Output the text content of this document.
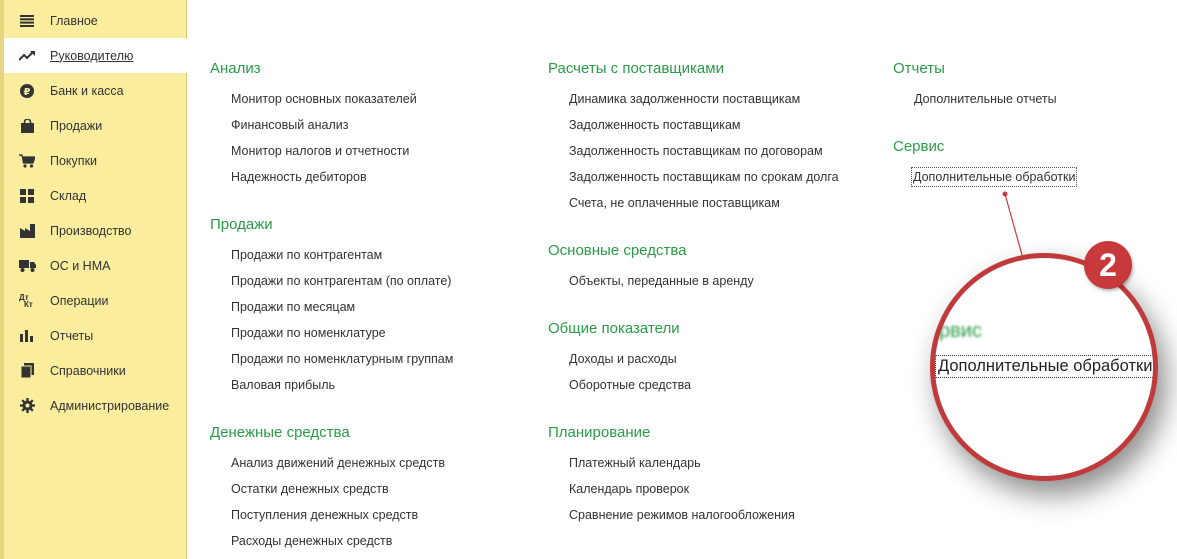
Главное
Руководителю
₽ Банк и касса
Продажи
Покупки
Склад
Производство
ОС и НМА
Дт
Кт Операции
Отчеты
Справочники
Администрирование
Анализ
Монитор основных показателей
Финансовый анализ
Монитор налогов и отчетности
Надежность дебиторов
Продажи
Продажи по контрагентам
Продажи по контрагентам (по оплате)
Продажи по месяцам
Продажи по номенклатуре
Продажи по номенклатурным группам
Валовая прибыль
Денежные средства
Анализ движений денежных средств
Остатки денежных средств
Поступления денежных средств
Расходы денежных средств
Расчеты с поставщиками
Динамика задолженности поставщикам
Задолженность поставщикам
Задолженность поставщикам по договорам
Задолженность поставщикам по срокам долга
Счета, не оплаченные поставщикам
Основные средства
Объекты, переданные в аренду
Общие показатели
Доходы и расходы
Оборотные средства
Планирование
Платежный календарь
Календарь проверок
Сравнение режимов налогообложения
Отчеты
Дополнительные отчеты
Сервис
Дополнительные обработки
рвис
Дополнительные обработки
2
